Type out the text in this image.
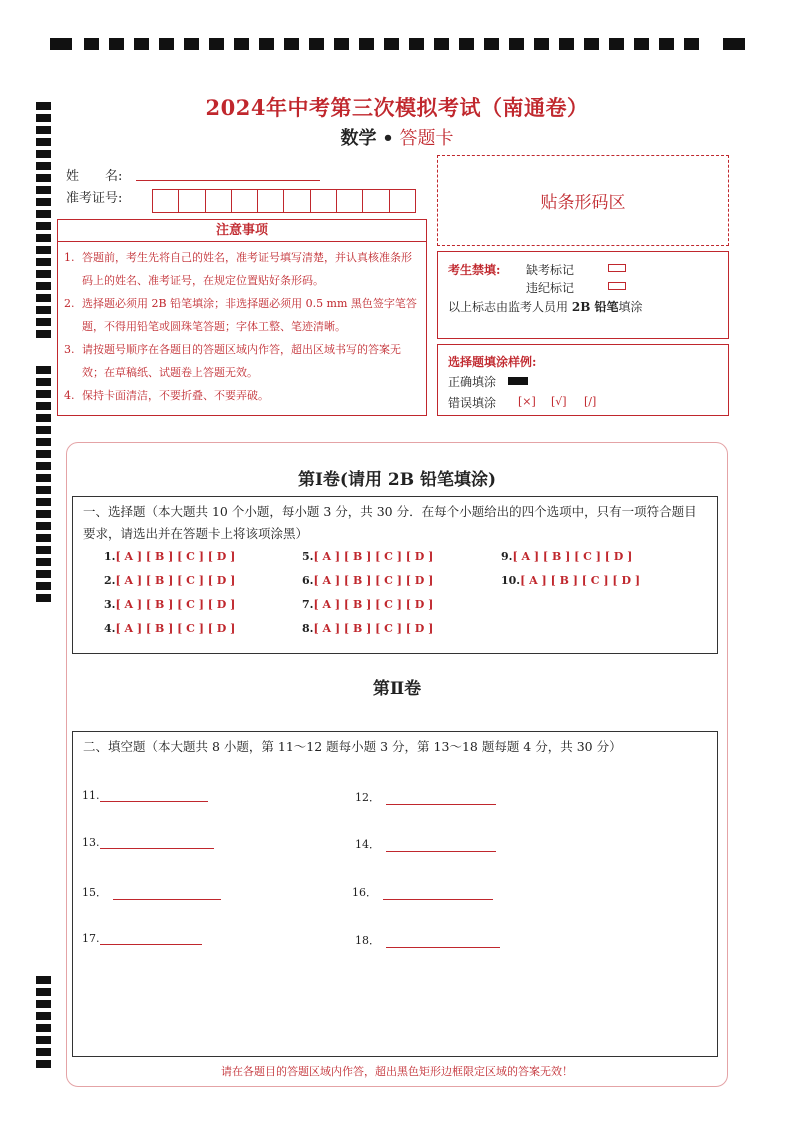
2024年中考第三次模拟考试（南通卷）
数学 • 答题卡
姓　　名:
准考证号:	贴条形码区
注意事项
1. 答题前，考生先将自己的姓名，准考证号填写清楚，并认真核准条形码上的姓名、准考证号，在规定位置贴好条形码。
2. 选择题必须用 2B 铅笔填涂；非选择题必须用 0.5 mm 黑色签字笔答题，不得用铅笔或圆珠笔答题；字体工整、笔迹清晰。
3. 请按题号顺序在各题目的答题区域内作答，超出区域书写的答案无效；在草稿纸、试题卷上答题无效。
4. 保持卡面清洁，不要折叠、不要弄破。
考生禁填: 缺考标记
违纪标记
以上标志由监考人员用 2B 铅笔填涂
选择题填涂样例:
正确填涂
错误填涂 [×] [√] [/]
第Ⅰ卷(请用 2B 铅笔填涂)
一、选择题（本大题共 10 个小题，每小题 3 分，共 30 分．在每个小题给出的四个选项中，只有一项符合题目要求，请选出并在答题卡上将该项涂黑）
1.[ A ] [ B ] [ C ] [ D ]
2.[ A ] [ B ] [ C ] [ D ]
3.[ A ] [ B ] [ C ] [ D ]
4.[ A ] [ B ] [ C ] [ D ]
5.[ A ] [ B ] [ C ] [ D ]
6.[ A ] [ B ] [ C ] [ D ]
7.[ A ] [ B ] [ C ] [ D ]
8.[ A ] [ B ] [ C ] [ D ]
9.[ A ] [ B ] [ C ] [ D ]
10.[ A ] [ B ] [ C ] [ D ]
第Ⅱ卷
二、填空题（本大题共 8 小题，第 11～12 题每小题 3 分，第 13～18 题每题 4 分，共 30 分）
11.	12．
13.	14．
15．	16．
17.	18．
请在各题目的答题区域内作答，超出黑色矩形边框限定区域的答案无效！
